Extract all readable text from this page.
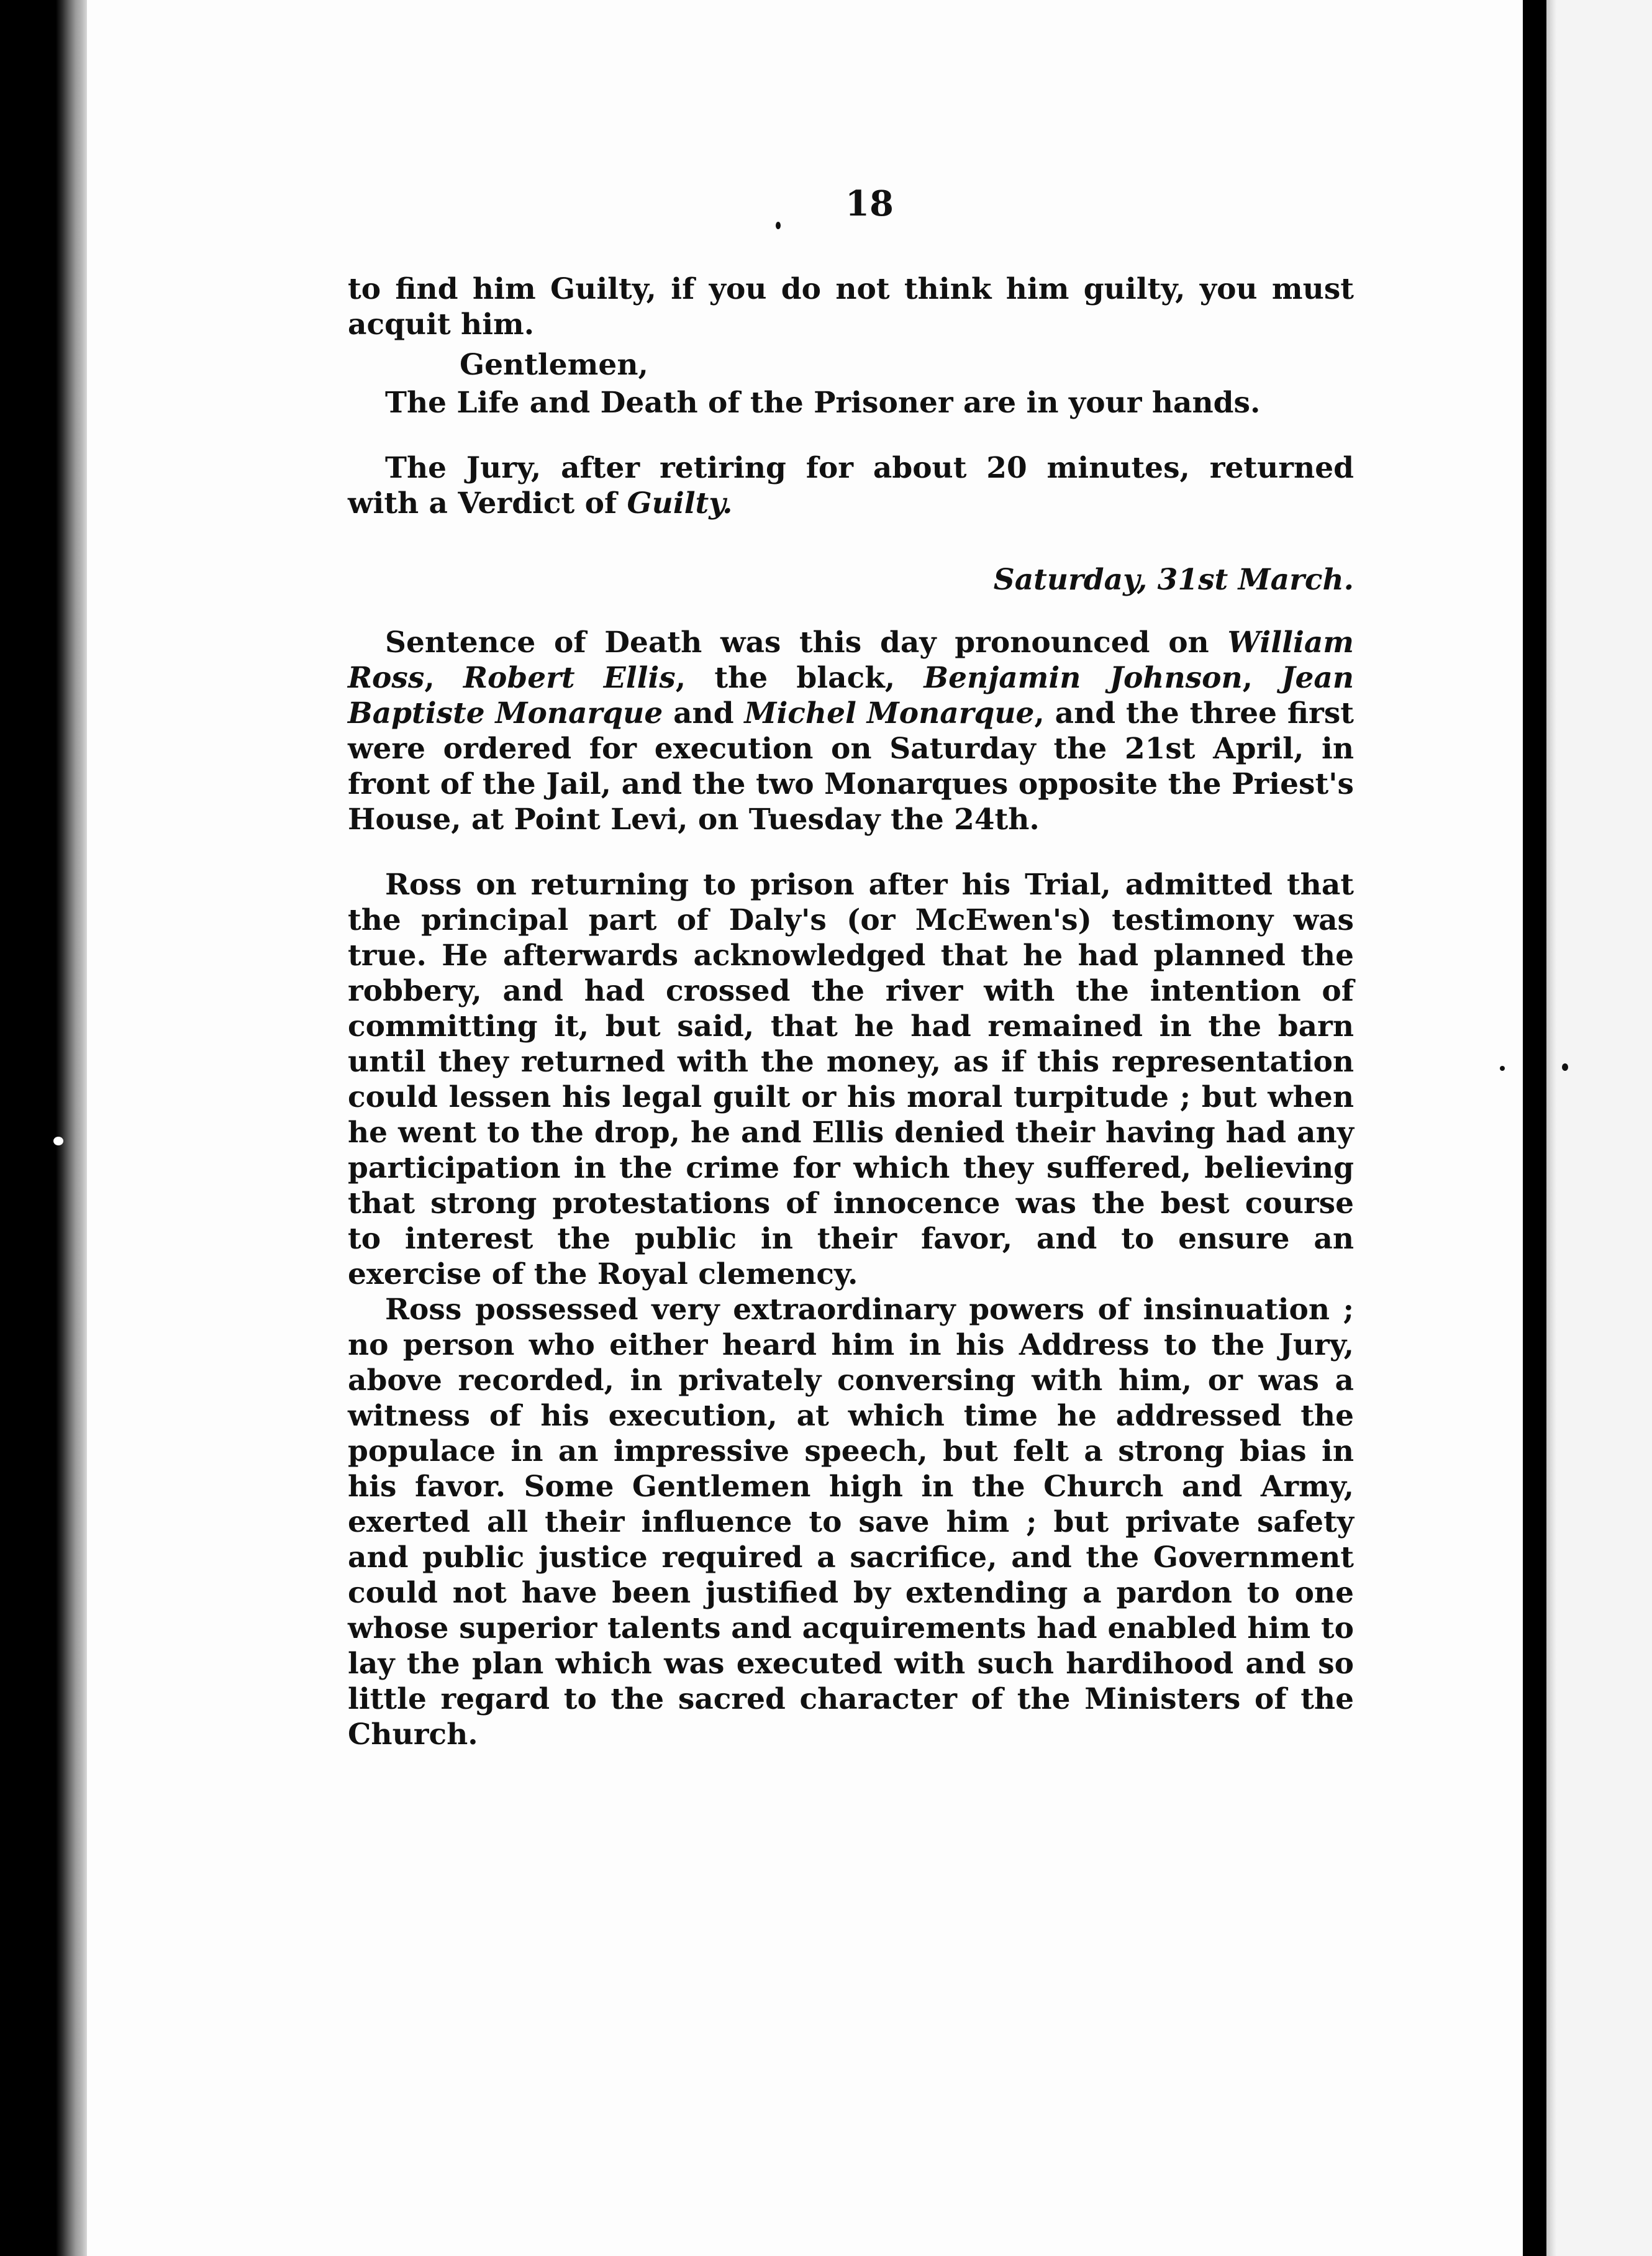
18

to find him Guilty, if you do not think him guilty, you must acquit him.

Gentlemen,

The Life and Death of the Prisoner are in your hands.

The Jury, after retiring for about 20 minutes, returned with a Verdict of Guilty.

Saturday, 31st March.

Sentence of Death was this day pronounced on William Ross, Robert Ellis, the black, Benjamin Johnson, Jean Baptiste Monarque and Michel Monarque, and the three first were ordered for execution on Saturday the 21st April, in front of the Jail, and the two Monarques opposite the Priest's House, at Point Levi, on Tuesday the 24th.

Ross on returning to prison after his Trial, admitted that the principal part of Daly's (or McEwen's) testimony was true. He afterwards acknowledged that he had planned the robbery, and had crossed the river with the intention of committing it, but said, that he had remained in the barn until they returned with the money, as if this representation could lessen his legal guilt or his moral turpitude ; but when he went to the drop, he and Ellis denied their having had any participation in the crime for which they suffered, believing that strong protestations of innocence was the best course to interest the public in their favor, and to ensure an exercise of the Royal clemency.

Ross possessed very extraordinary powers of insinuation ; no person who either heard him in his Address to the Jury, above recorded, in privately conversing with him, or was a witness of his execution, at which time he addressed the populace in an impressive speech, but felt a strong bias in his favor. Some Gentlemen high in the Church and Army, exerted all their influence to save him ; but private safety and public justice required a sacrifice, and the Government could not have been justified by extending a pardon to one whose superior talents and acquirements had enabled him to lay the plan which was executed with such hardihood and so little regard to the sacred character of the Ministers of the Church.
